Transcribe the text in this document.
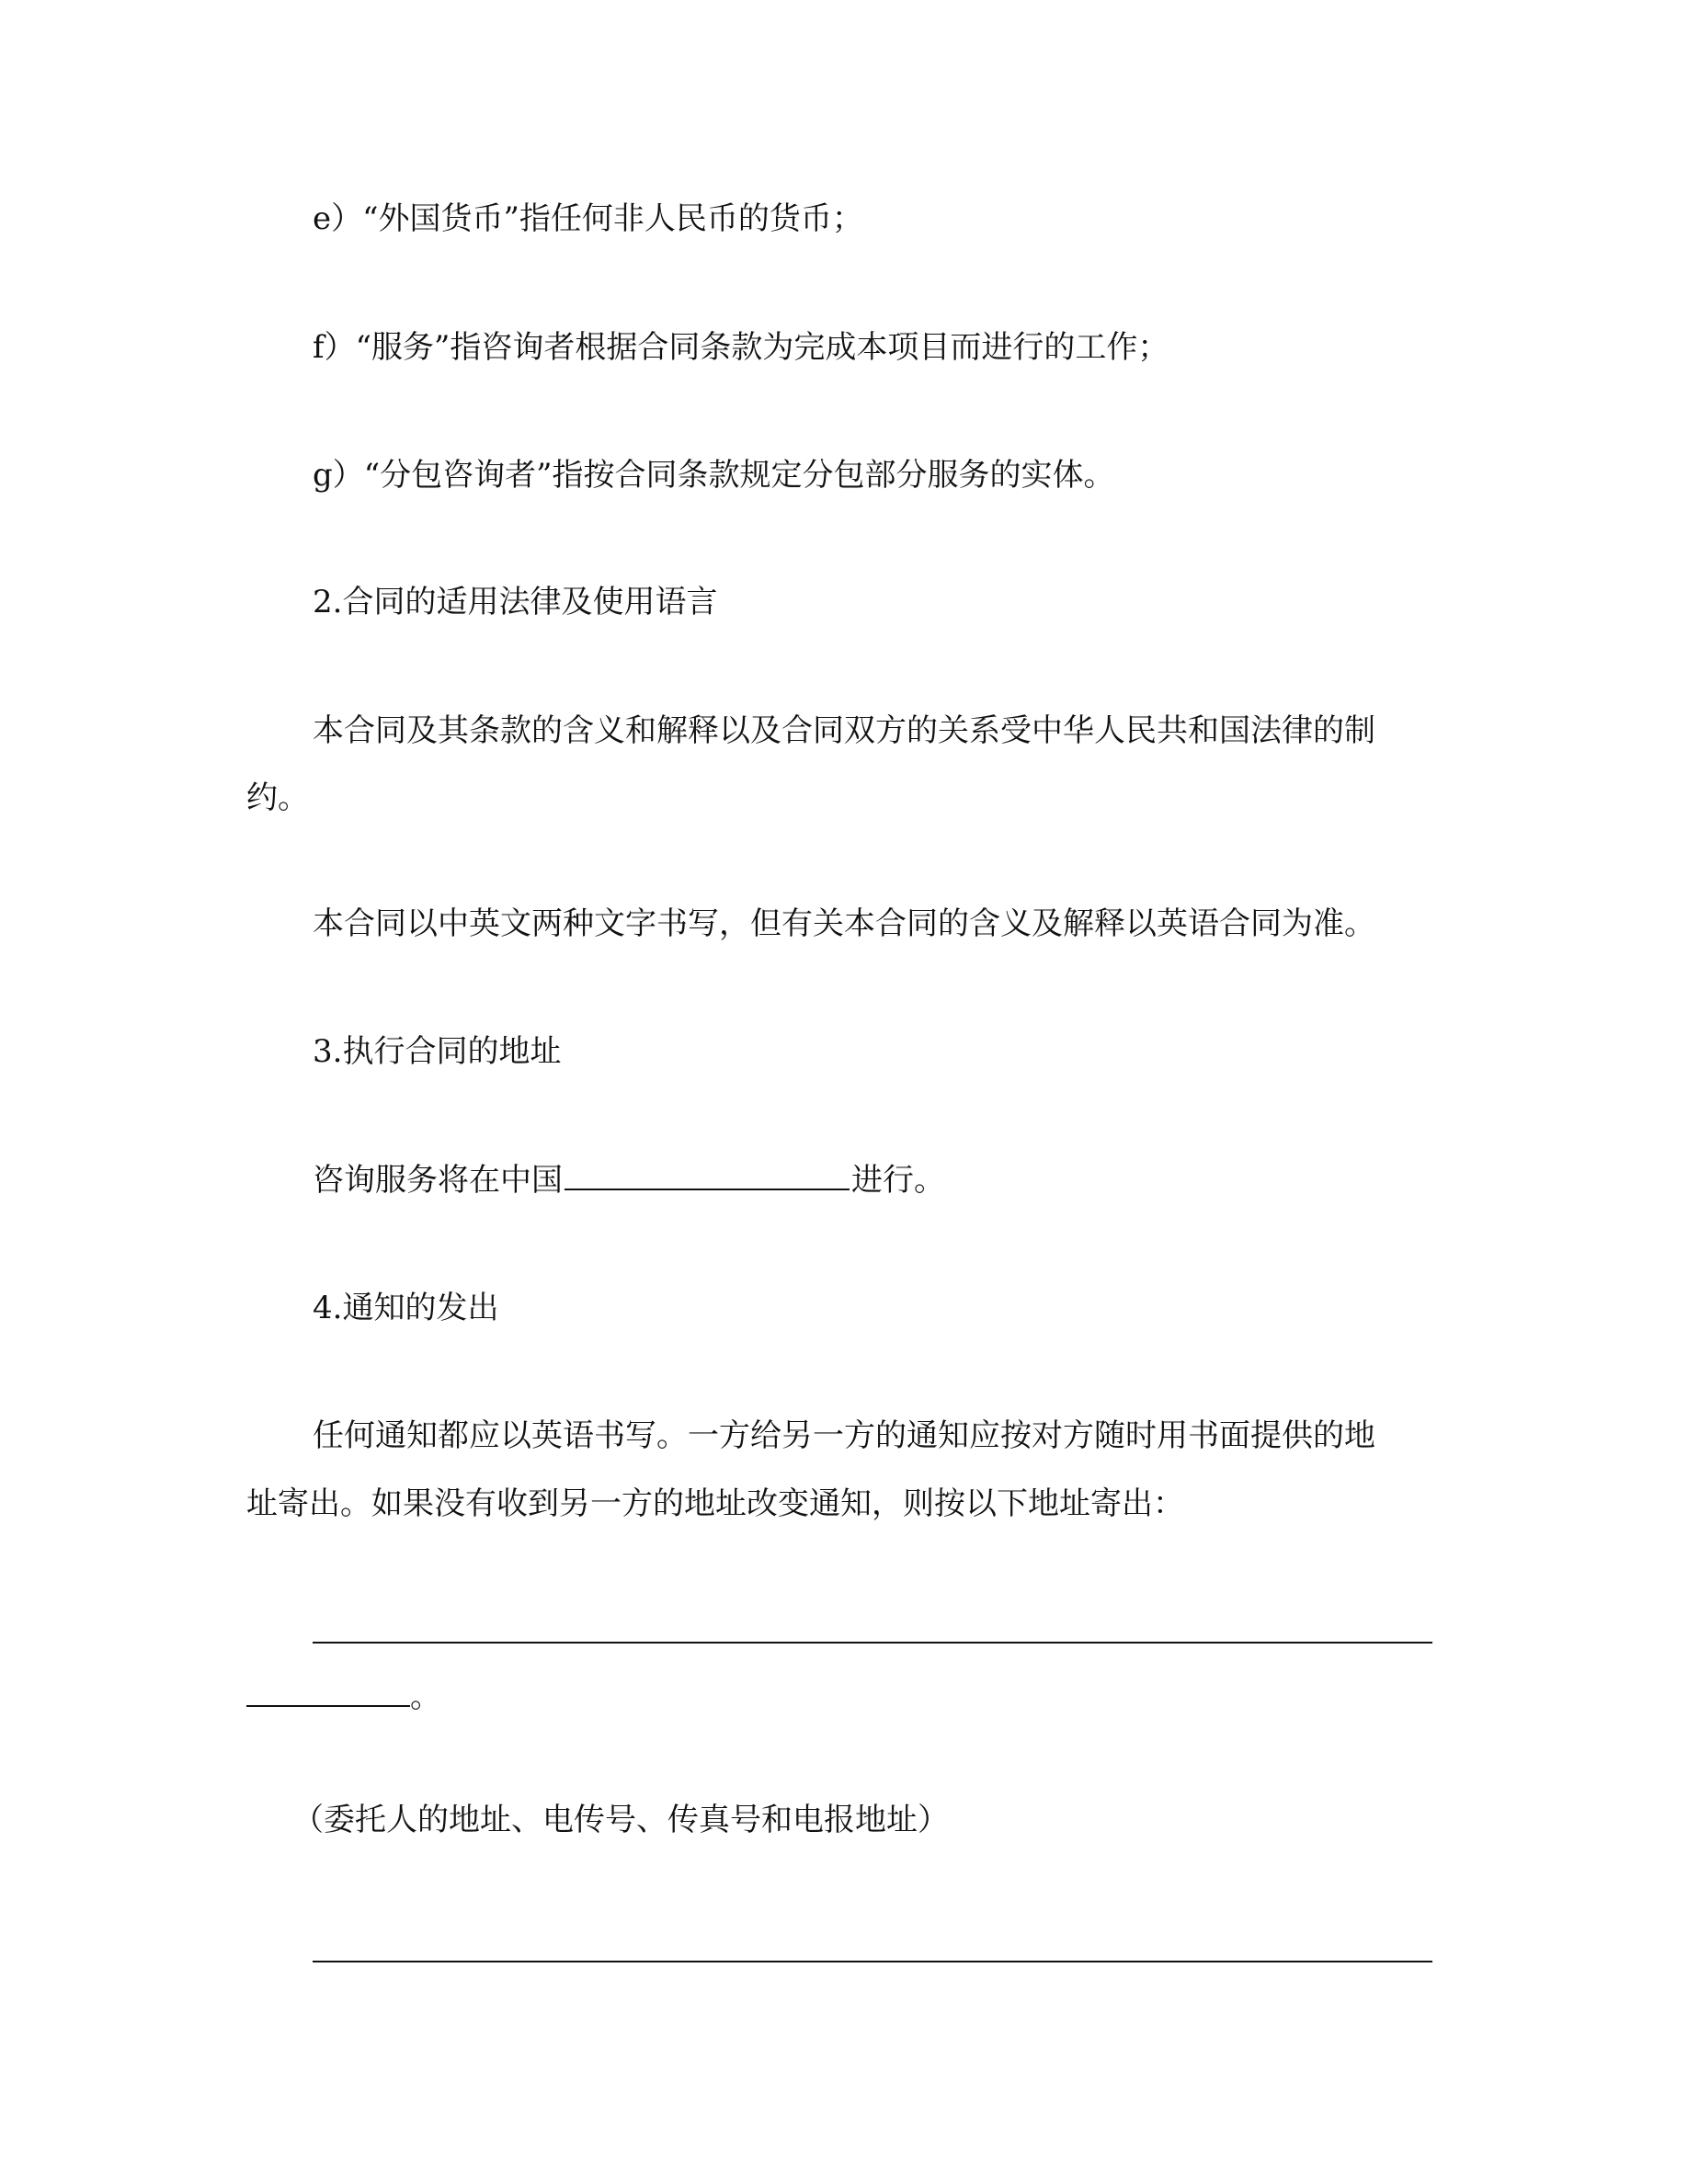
e）“外国货币”指任何非人民币的货币；
f）“服务”指咨询者根据合同条款为完成本项目而进行的工作；
g）“分包咨询者”指按合同条款规定分包部分服务的实体。
2.合同的适用法律及使用语言
本合同及其条款的含义和解释以及合同双方的关系受中华人民共和国法律的制
约。
本合同以中英文两种文字书写，但有关本合同的含义及解释以英语合同为准。
3.执行合同的地址
咨询服务将在中国	进行。
4.通知的发出
任何通知都应以英语书写。一方给另一方的通知应按对方随时用书面提供的地
址寄出。如果没有收到另一方的地址改变通知，则按以下地址寄出：
。
（委托人的地址、电传号、传真号和电报地址）
